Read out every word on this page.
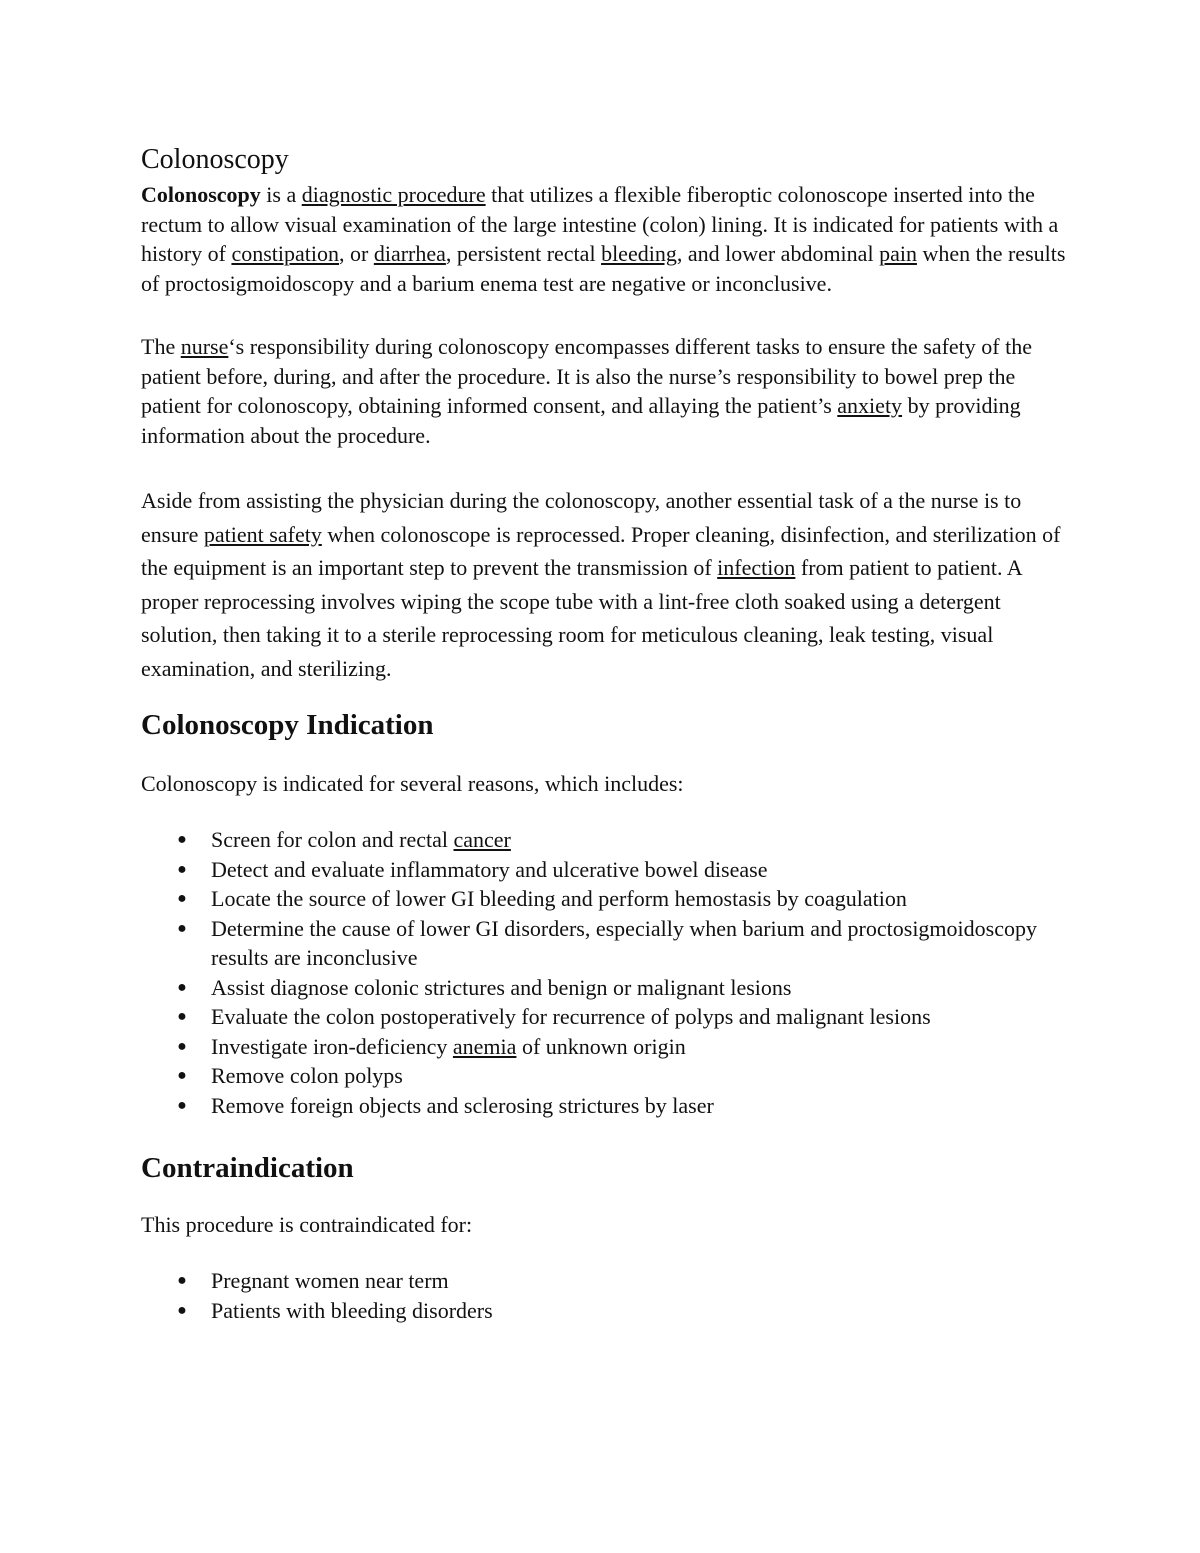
Colonoscopy

Colonoscopy is a diagnostic procedure that utilizes a flexible fiberoptic colonoscope inserted into the rectum to allow visual examination of the large intestine (colon) lining. It is indicated for patients with a history of constipation, or diarrhea, persistent rectal bleeding, and lower abdominal pain when the results of proctosigmoidoscopy and a barium enema test are negative or inconclusive.

The nurse‘s responsibility during colonoscopy encompasses different tasks to ensure the safety of the patient before, during, and after the procedure. It is also the nurse’s responsibility to bowel prep the patient for colonoscopy, obtaining informed consent, and allaying the patient’s anxiety by providing information about the procedure.

Aside from assisting the physician during the colonoscopy, another essential task of a the nurse is to ensure patient safety when colonoscope is reprocessed. Proper cleaning, disinfection, and sterilization of the equipment is an important step to prevent the transmission of infection from patient to patient. A proper reprocessing involves wiping the scope tube with a lint-free cloth soaked using a detergent solution, then taking it to a sterile reprocessing room for meticulous cleaning, leak testing, visual examination, and sterilizing.

Colonoscopy Indication

Colonoscopy is indicated for several reasons, which includes:

● Screen for colon and rectal cancer
● Detect and evaluate inflammatory and ulcerative bowel disease
● Locate the source of lower GI bleeding and perform hemostasis by coagulation
● Determine the cause of lower GI disorders, especially when barium and proctosigmoidoscopy results are inconclusive
● Assist diagnose colonic strictures and benign or malignant lesions
● Evaluate the colon postoperatively for recurrence of polyps and malignant lesions
● Investigate iron-deficiency anemia of unknown origin
● Remove colon polyps
● Remove foreign objects and sclerosing strictures by laser
Contraindication

This procedure is contraindicated for:

● Pregnant women near term
● Patients with bleeding disorders
